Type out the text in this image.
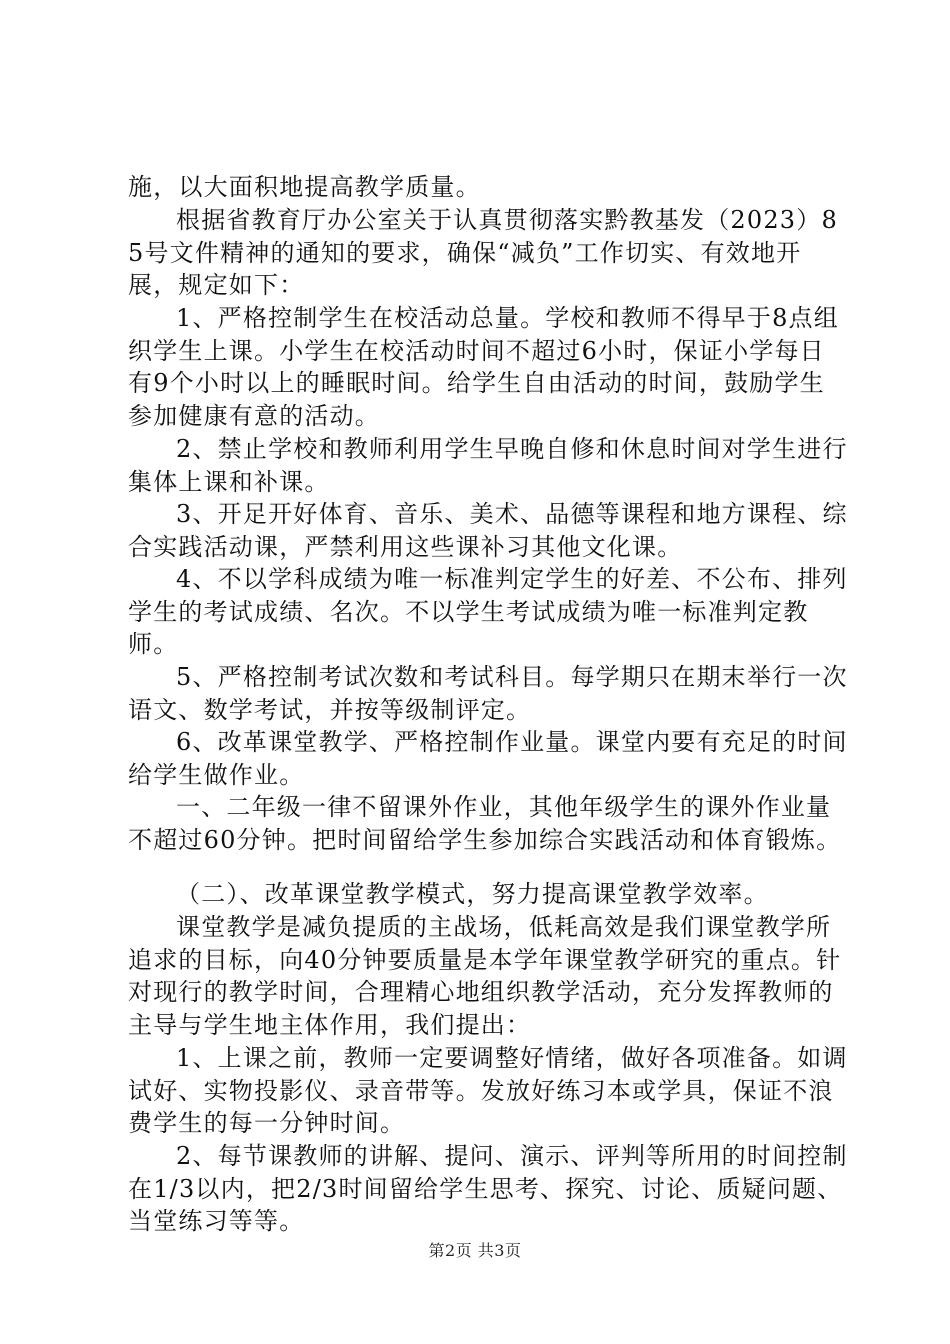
施，以大面积地提高教学质量。

根据省教育厅办公室关于认真贯彻落实黔教基发（2023）85号文件精神的通知的要求，确保“减负”工作切实、有效地开展，规定如下：

1、严格控制学生在校活动总量。学校和教师不得早于8点组织学生上课。小学生在校活动时间不超过6小时，保证小学每日有9个小时以上的睡眠时间。给学生自由活动的时间，鼓励学生参加健康有意的活动。

2、禁止学校和教师利用学生早晚自修和休息时间对学生进行集体上课和补课。

3、开足开好体育、音乐、美术、品德等课程和地方课程、综合实践活动课，严禁利用这些课补习其他文化课。

4、不以学科成绩为唯一标准判定学生的好差、不公布、排列学生的考试成绩、名次。不以学生考试成绩为唯一标准判定教师。

5、严格控制考试次数和考试科目。每学期只在期末举行一次语文、数学考试，并按等级制评定。

6、改革课堂教学、严格控制作业量。课堂内要有充足的时间给学生做作业。

一、二年级一律不留课外作业，其他年级学生的课外作业量不超过60分钟。把时间留给学生参加综合实践活动和体育锻炼。

（二）、改革课堂教学模式，努力提高课堂教学效率。

课堂教学是减负提质的主战场，低耗高效是我们课堂教学所追求的目标，向40分钟要质量是本学年课堂教学研究的重点。针对现行的教学时间，合理精心地组织教学活动，充分发挥教师的主导与学生地主体作用，我们提出：

1、上课之前，教师一定要调整好情绪，做好各项准备。如调试好、实物投影仪、录音带等。发放好练习本或学具，保证不浪费学生的每一分钟时间。

2、每节课教师的讲解、提问、演示、评判等所用的时间控制在1/3以内，把2/3时间留给学生思考、探究、讨论、质疑问题、当堂练习等等。

第2页 共3页
